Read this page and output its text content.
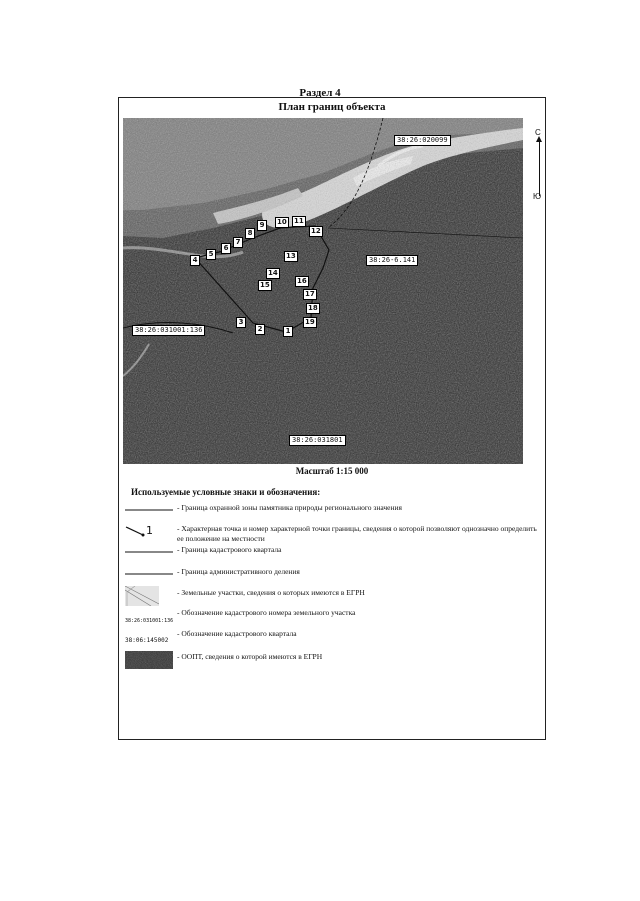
Раздел 4
План границ объекта
1
2
3
4
5
6
7
8
9	10 11
12
13
14
15	16
17
18
19
38:26:020099
38:26-6.141
38:26:031001:136
38:26:031801
С
Ю
Масштаб 1:15 000
Используемые условные знаки и обозначения:
- Граница охранной зоны памятника природы регионального значения
1	- Характерная точка и номер характерной точки границы, сведения о которой позволяют однозначно определить ее положение на местности
- Граница кадастрового квартала
- Граница административного деления
- Земельные участки, сведения о которых имеются в ЕГРН
38:26:031001:136
- Обозначение кадастрового номера земельного участка
38:06:145002
- Обозначение кадастрового квартала
- ООПТ, сведения о которой имеются в ЕГРН
